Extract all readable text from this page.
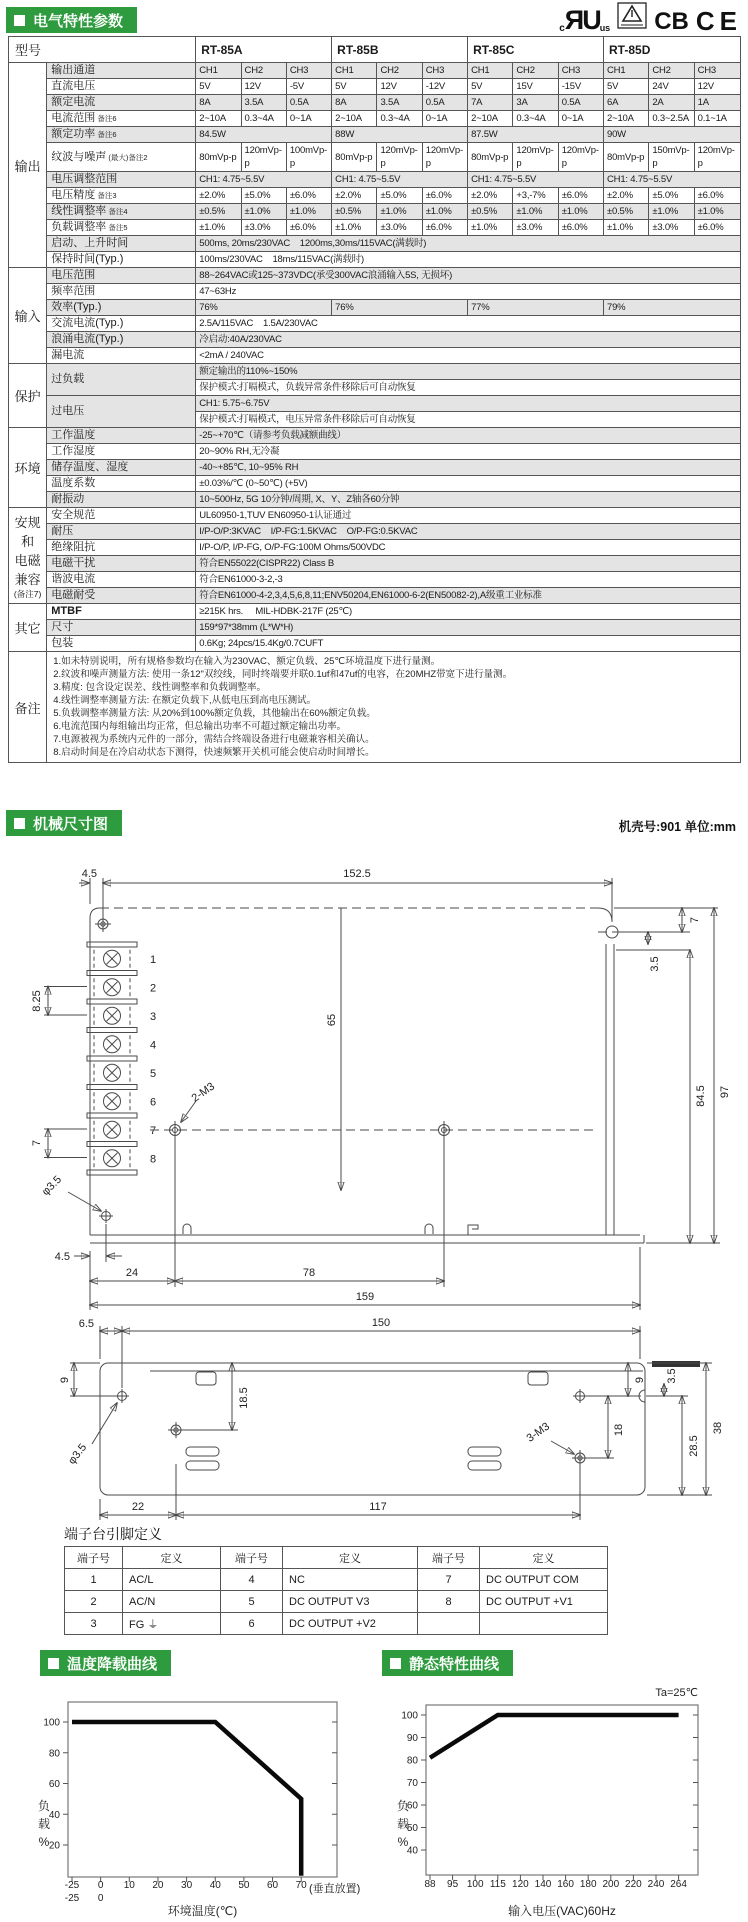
电气特性参数	cЯUus CB CE
型号		RT-85A			RT-85B			RT-85C			RT-85D		

输出	输出通道	CH1	CH2	CH3	CH1	CH2	CH3	CH1	CH2	CH3	CH1	CH2	CH3
	直流电压	5V	12V	-5V	5V	12V	-12V	5V	15V	-15V	5V	24V	12V
	额定电流	8A	3.5A	0.5A	8A	3.5A	0.5A	7A	3A	0.5A	6A	2A	1A
	电流范围 备注6	2~10A	0.3~4A	0~1A	2~10A	0.3~4A	0~1A	2~10A	0.3~4A	0~1A	2~10A	0.3~2.5A	0.1~1A
	额定功率 备注6	84.5W			88W			87.5W			90W		
	纹波与噪声 (最大)备注2	80mVp-p	120mVp-p	100mVp-p	80mVp-p	120mVp-p	120mVp-p	80mVp-p	120mVp-p	120mVp-p	80mVp-p	150mVp-p	120mVp-p
	电压调整范围	CH1: 4.75~5.5V			CH1: 4.75~5.5V			CH1: 4.75~5.5V			CH1: 4.75~5.5V		
	电压精度 备注3	±2.0%	±5.0%	±6.0%	±2.0%	±5.0%	±6.0%	±2.0%	+3,-7%	±6.0%	±2.0%	±5.0%	±6.0%
	线性调整率 备注4	±0.5%	±1.0%	±1.0%	±0.5%	±1.0%	±1.0%	±0.5%	±1.0%	±1.0%	±0.5%	±1.0%	±1.0%
	负载调整率 备注5	±1.0%	±3.0%	±6.0%	±1.0%	±3.0%	±6.0%	±1.0%	±3.0%	±6.0%	±1.0%	±3.0%	±6.0%
	启动、上升时间	500ms, 20ms/230VAC    1200ms,30ms/115VAC(满载时)											
	保持时间(Typ.)	100ms/230VAC    18ms/115VAC(满载时)											

输入	电压范围	88~264VAC或125~373VDC(承受300VAC浪涌输入5S, 无损坏)											
	频率范围	47~63Hz											
	效率(Typ.)	76%			76%			77%			79%		
	交流电流(Typ.)	2.5A/115VAC    1.5A/230VAC											
	浪涌电流(Typ.)	冷启动:40A/230VAC											
	漏电流	<2mA / 240VAC											

保护	过负载	额定输出的110%~150%											
		保护模式:打嗝模式，负载异常条件移除后可自动恢复											
	过电压	CH1: 5.75~6.75V											
		保护模式:打嗝模式，电压异常条件移除后可自动恢复											

环境	工作温度	-25~+70℃（请参考负载减额曲线）											
	工作湿度	20~90% RH,无冷凝											
	储存温度、湿度	-40~+85℃, 10~95% RH											
	温度系数	±0.03%/℃ (0~50℃) (+5V)											
	耐振动	10~500Hz, 5G 10分钟/周期, X、Y、Z轴各60分钟											

安规
和
电磁
兼容
(备注7)	安全规范	UL60950-1,TUV EN60950-1认证通过											
	耐压	I/P-O/P:3KVAC    I/P-FG:1.5KVAC    O/P-FG:0.5KVAC											
	绝缘阻抗	I/P-O/P, I/P-FG, O/P-FG:100M Ohms/500VDC											
	电磁干扰	符合EN55022(CISPR22) Class B											
	谐波电流	符合EN61000-3-2,-3											
	电磁耐受	符合EN61000-4-2,3,4,5,6,8,11;ENV50204,EN61000-6-2(EN50082-2),A级重工业标准											

其它	MTBF	≥215K hrs.     MIL-HDBK-217F (25℃)											
	尺寸	159*97*38mm (L*W*H)											
	包装	0.6Kg; 24pcs/15.4Kg/0.7CUFT											

备注

1.如未特别说明，所有规格参数均在输入为230VAC、额定负载、25℃环境温度下进行量测。
2.纹波和噪声测量方法: 使用一条12"双绞线，同时终端要并联0.1uf和47uf的电容，在20MHZ带宽下进行量测。
3.精度: 包含设定误差、线性调整率和负载调整率。
4.线性调整率测量方法: 在额定负载下,从低电压到高电压测试。
5.负载调整率测量方法: 从20%到100%额定负载，其他输出在60%额定负载。
6.电流范围内每组输出均正常，但总输出功率不可超过额定输出功率。
7.电源被视为系统内元件的一部分，需结合终端设备进行电磁兼容相关确认。
8.启动时间是在冷启动状态下测得，快速频繁开关机可能会使启动时间增长。
机械尺寸图	机壳号:901 单位:mm
1
2
3
4
5
6
7
8
2-M3
φ3.5
4.5	152.5
8.25
7
65
7
3.5
84.5 97
4.5
24	78
159
6.5	150
φ3.5
3-M3
9
18.5
9
18
3.5
28.5
38
22	117
端子台引脚定义
端子号	定义	端子号	定义	端子号	定义
1	AC/L	4	NC	7	DC OUTPUT COM
2	AC/N	5	DC OUTPUT V3	8	DC OUTPUT +V1
3	FG ⏚	6	DC OUTPUT +V2		
温度降载曲线	静态特性曲线
20
40
60
80
100
-25 0 10 20 30 40 50 60 70
-25 0
负
载
%
环境温度(℃)
(垂直放置)
40
50
60
70
80
90
100
88 95 100 115 120 140 160 180 200 220 240 264
负
载
%
输入电压(VAC)60Hz
Ta=25℃
